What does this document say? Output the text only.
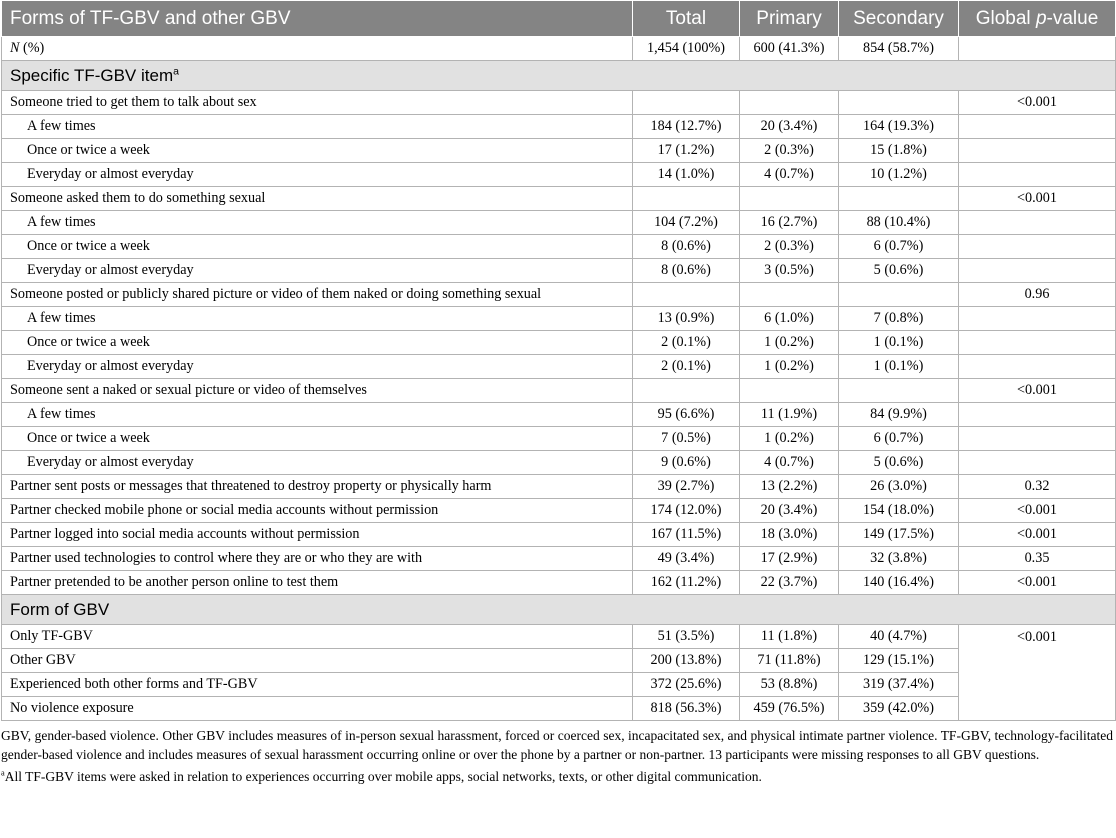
Forms of TF-GBV and other GBV	Total	Primary	Secondary	Global p-value
N (%)	1,454 (100%)	600 (41.3%)	854 (58.7%)	
Specific TF-GBV item$^a$
Someone tried to get them to talk about sex				<0.001
A few times	184 (12.7%)	20 (3.4%)	164 (19.3%)	
Once or twice a week	17 (1.2%)	2 (0.3%)	15 (1.8%)	
Everyday or almost everyday	14 (1.0%)	4 (0.7%)	10 (1.2%)	
Someone asked them to do something sexual				<0.001
A few times	104 (7.2%)	16 (2.7%)	88 (10.4%)	
Once or twice a week	8 (0.6%)	2 (0.3%)	6 (0.7%)	
Everyday or almost everyday	8 (0.6%)	3 (0.5%)	5 (0.6%)	
Someone posted or publicly shared picture or video of them naked or doing something sexual				0.96
A few times	13 (0.9%)	6 (1.0%)	7 (0.8%)	
Once or twice a week	2 (0.1%)	1 (0.2%)	1 (0.1%)	
Everyday or almost everyday	2 (0.1%)	1 (0.2%)	1 (0.1%)	
Someone sent a naked or sexual picture or video of themselves				<0.001
A few times	95 (6.6%)	11 (1.9%)	84 (9.9%)	
Once or twice a week	7 (0.5%)	1 (0.2%)	6 (0.7%)	
Everyday or almost everyday	9 (0.6%)	4 (0.7%)	5 (0.6%)	
Partner sent posts or messages that threatened to destroy property or physically harm	39 (2.7%)	13 (2.2%)	26 (3.0%)	0.32
Partner checked mobile phone or social media accounts without permission	174 (12.0%)	20 (3.4%)	154 (18.0%)	<0.001
Partner logged into social media accounts without permission	167 (11.5%)	18 (3.0%)	149 (17.5%)	<0.001
Partner used technologies to control where they are or who they are with	49 (3.4%)	17 (2.9%)	32 (3.8%)	0.35
Partner pretended to be another person online to test them	162 (11.2%)	22 (3.7%)	140 (16.4%)	<0.001
Form of GBV				
Only TF-GBV	51 (3.5%)	11 (1.8%)	40 (4.7%)	<0.001
Other GBV	200 (13.8%)	71 (11.8%)	129 (15.1%)	
Experienced both other forms and TF-GBV	372 (25.6%)	53 (8.8%)	319 (37.4%)	
No violence exposure	818 (56.3%)	459 (76.5%)	359 (42.0%)	

GBV, gender-based violence. Other GBV includes measures of in-person sexual harassment, forced or coerced sex, incapacitated sex, and physical intimate partner violence. TF-GBV, technology-facilitated gender-based violence and includes measures of sexual harassment occurring online or over the phone by a partner or non-partner. 13 participants were missing responses to all GBV questions.

$^a$All TF-GBV items were asked in relation to experiences occurring over mobile apps, social networks, texts, or other digital communication.
